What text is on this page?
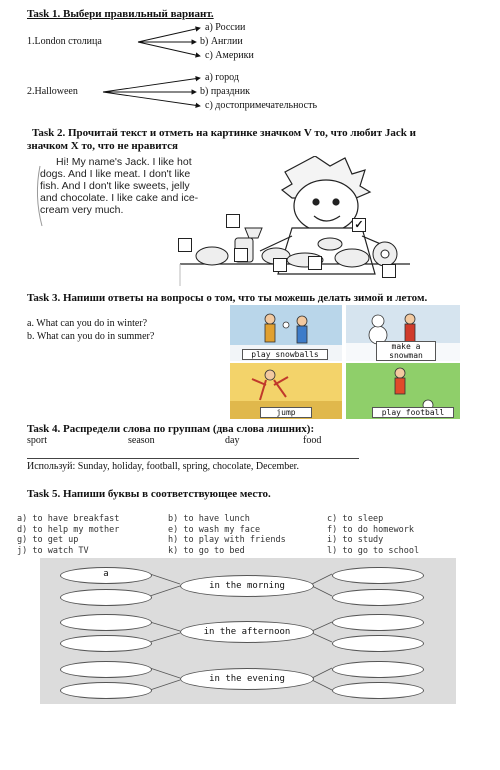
Task 1. Выбери правильный вариант.
1.London столица
a) России
b) Англии
c) Америки
2.Halloween
a) город
b) праздник
c) достопримечательность
Task 2. Прочитай текст и отметь на картинке значком V то, что любит Jack и
значком X то, что не нравится
Hi! My name's Jack. I like hot
dogs. And I like meat. I don't like
fish. And I don't like sweets, jelly
and chocolate. I like cake and ice-
cream very much.
✓
Task 3. Напиши ответы на вопросы о том, что ты можешь делать зимой и летом.
a. What can you do in winter?
b. What can you do in summer?
play snowballs
make a snowman
jump	play football
Task 4. Распредели слова по группам (два слова лишних):
sport	season	day	food
Используй: Sunday, holiday, football, spring, chocolate, December.
Task 5. Напиши буквы в соответствующее место.
a) to have breakfast
d) to help my mother
g) to get up
j) to watch TV
b) to have lunch
e) to wash my face
h) to play with friends
k) to go to bed
c) to sleep
f) to do homework
i) to study
l) to go to school
a
in the morning
in the afternoon
in the evening
